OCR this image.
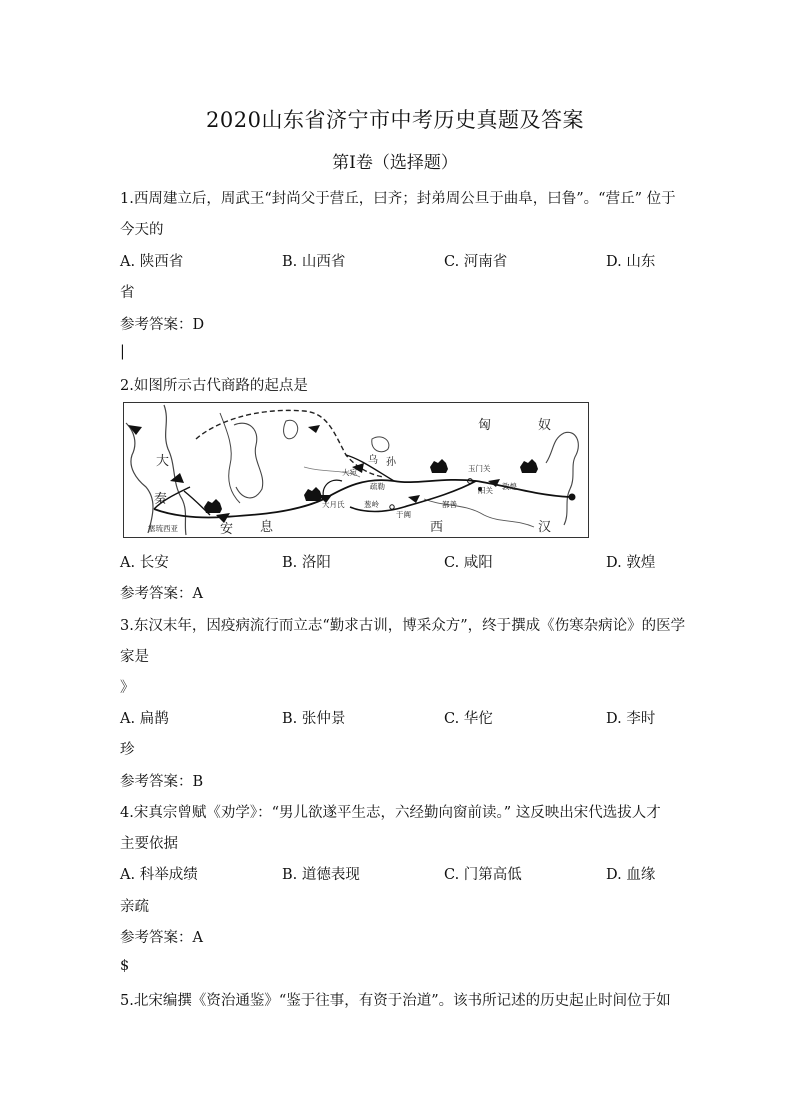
2020山东省济宁市中考历史真题及答案
第Ⅰ卷（选择题）
1.西周建立后，周武王“封尚父于营丘，曰齐；封弟周公旦于曲阜，曰鲁”。“营丘” 位于
今天的
A. 陕西省	B. 山西省	C. 河南省	D. 山东
省
参考答案：D
|
2.如图所示古代商路的起点是
匈	奴
大
秦
塞琉西亚	安 息
大宛
乌 孙
疏勒
大月氏	葱岭
玉门关
阳关 敦煌
鄯善
于阗
西	汉
A. 长安	B. 洛阳	C. 咸阳	D. 敦煌
参考答案：A
3.东汉末年，因疫病流行而立志“勤求古训，博采众方”，终于撰成《伤寒杂病论》的医学
家是
》
A. 扁鹊	B. 张仲景	C. 华佗	D. 李时
珍
参考答案：B
4.宋真宗曾赋《劝学》：“男儿欲遂平生志，六经勤向窗前读。” 这反映出宋代选拔人才
主要依据
A. 科举成绩	B. 道德表现	C. 门第高低	D. 血缘
亲疏
参考答案：A
$
5.北宋编撰《资治通鉴》“鉴于往事，有资于治道”。该书所记述的历史起止时间位于如
